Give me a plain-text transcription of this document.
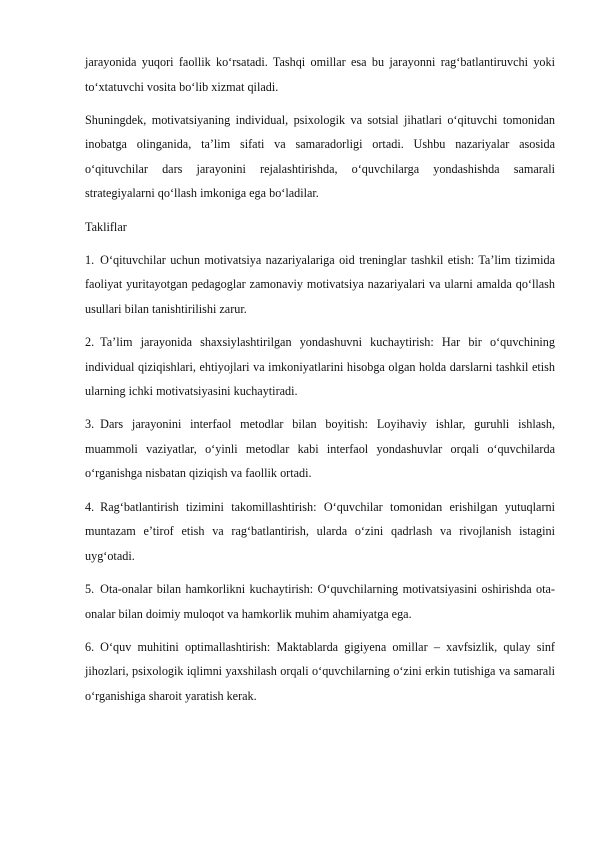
jarayonida yuqori faollik ko‘rsatadi. Tashqi omillar esa bu jarayonni rag‘batlantiruvchi yoki to‘xtatuvchi vosita bo‘lib xizmat qiladi.

Shuningdek, motivatsiyaning individual, psixologik va sotsial jihatlari o‘qituvchi tomonidan inobatga olinganida, ta’lim sifati va samaradorligi ortadi. Ushbu nazariyalar asosida o‘qituvchilar dars jarayonini rejalashtirishda, o‘quvchilarga yondashishda samarali strategiyalarni qo‘llash imkoniga ega bo‘ladilar.

Takliflar

1. O‘qituvchilar uchun motivatsiya nazariyalariga oid treninglar tashkil etish: Ta’lim tizimida faoliyat yuritayotgan pedagoglar zamonaviy motivatsiya nazariyalari va ularni amalda qo‘llash usullari bilan tanishtirilishi zarur.

2. Ta’lim jarayonida shaxsiylashtirilgan yondashuvni kuchaytirish: Har bir o‘quvchining individual qiziqishlari, ehtiyojlari va imkoniyatlarini hisobga olgan holda darslarni tashkil etish ularning ichki motivatsiyasini kuchaytiradi.

3. Dars jarayonini interfaol metodlar bilan boyitish: Loyihaviy ishlar, guruhli ishlash, muammoli vaziyatlar, o‘yinli metodlar kabi interfaol yondashuvlar orqali o‘quvchilarda o‘rganishga nisbatan qiziqish va faollik ortadi.

4. Rag‘batlantirish tizimini takomillashtirish: O‘quvchilar tomonidan erishilgan yutuqlarni muntazam e’tirof etish va rag‘batlantirish, ularda o‘zini qadrlash va rivojlanish istagini uyg‘otadi.

5. Ota-onalar bilan hamkorlikni kuchaytirish: O‘quvchilarning motivatsiyasini oshirishda ota-onalar bilan doimiy muloqot va hamkorlik muhim ahamiyatga ega.

6. O‘quv muhitini optimallashtirish: Maktablarda gigiyena omillar – xavfsizlik, qulay sinf jihozlari, psixologik iqlimni yaxshilash orqali o‘quvchilarning o‘zini erkin tutishiga va samarali o‘rganishiga sharoit yaratish kerak.
